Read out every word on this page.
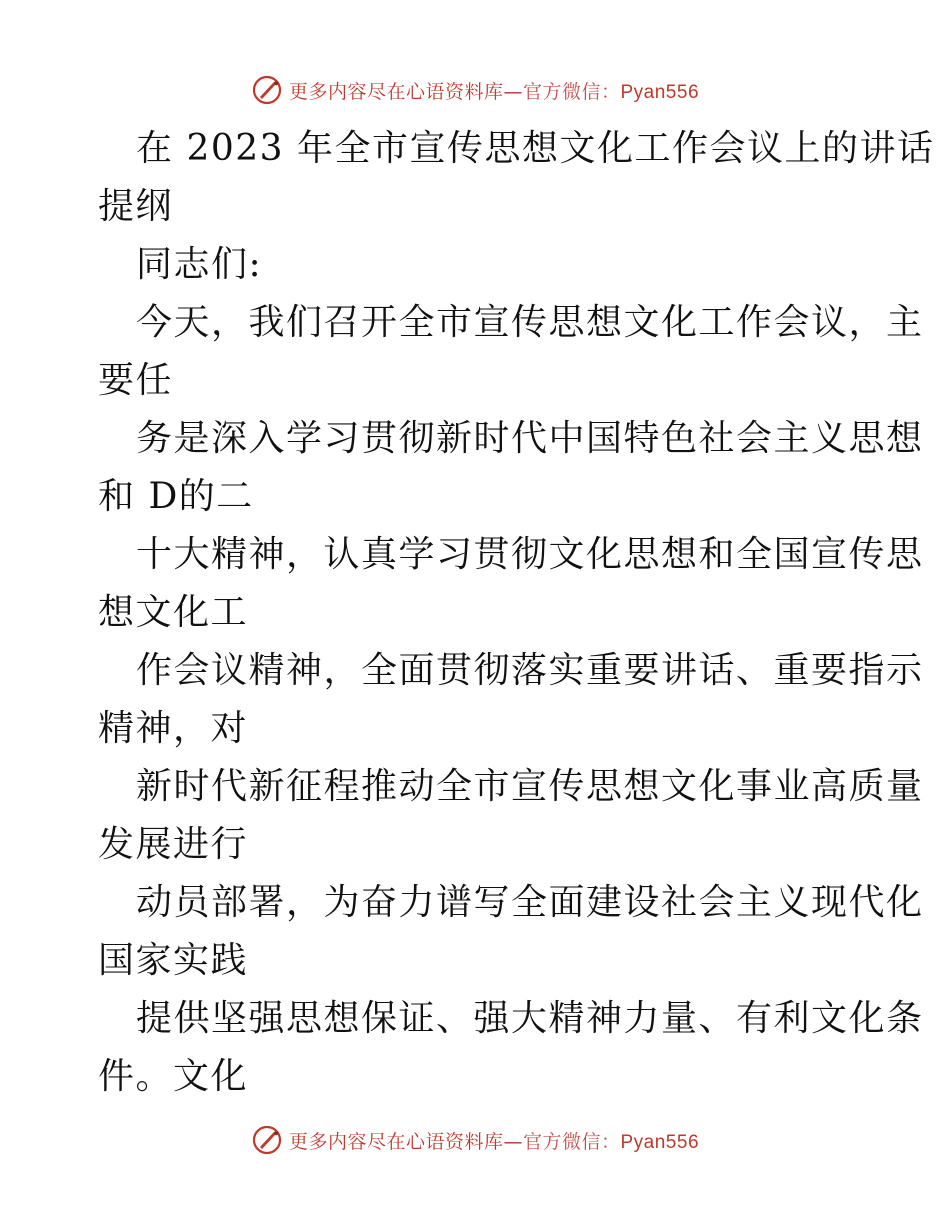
更多内容尽在心语资料库—官方微信：Pyan556
在 2023 年全市宣传思想文化工作会议上的讲话
提纲
同志们:
今天，我们召开全市宣传思想文化工作会议，主
要任
务是深入学习贯彻新时代中国特色社会主义思想
和 D的二
十大精神，认真学习贯彻文化思想和全国宣传思
想文化工
作会议精神，全面贯彻落实重要讲话、重要指示
精神，对
新时代新征程推动全市宣传思想文化事业高质量
发展进行
动员部署，为奋力谱写全面建设社会主义现代化
国家实践
提供坚强思想保证、强大精神力量、有利文化条
件。文化
更多内容尽在心语资料库—官方微信：Pyan556
